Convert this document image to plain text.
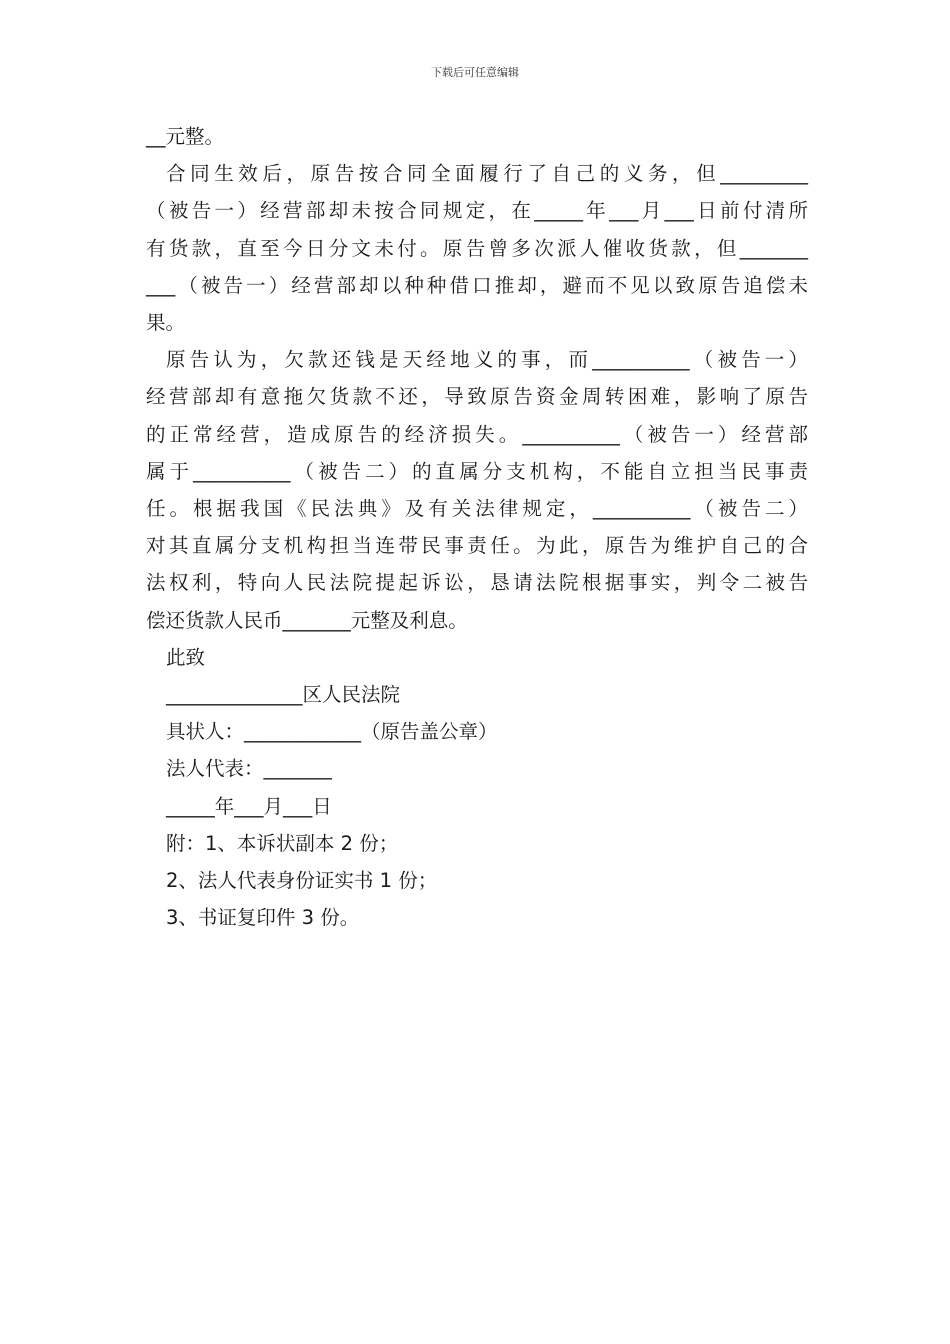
下载后可任意编辑
__元整。
合同生效后，原告按合同全面履行了自己的义务，但_________
（被告一）经营部却未按合同规定，在_____年___月___日前付清所
有货款，直至今日分文未付。原告曾多次派人催收货款，但_______
___（被告一）经营部却以种种借口推却，避而不见以致原告追偿未
果。
原告认为，欠款还钱是天经地义的事，而__________（被告一）
经营部却有意拖欠货款不还，导致原告资金周转困难，影响了原告
的正常经营，造成原告的经济损失。__________（被告一）经营部
属于__________（被告二）的直属分支机构，不能自立担当民事责
任。根据我国《民法典》及有关法律规定，__________（被告二）
对其直属分支机构担当连带民事责任。为此，原告为维护自己的合
法权利，特向人民法院提起诉讼，恳请法院根据事实，判令二被告
偿还货款人民币_______元整及利息。
此致
______________区人民法院
具状人：____________（原告盖公章）
法人代表：_______
_____年___月___日
附：1、本诉状副本 2 份；
2、法人代表身份证实书 1 份；
3、书证复印件 3 份。
